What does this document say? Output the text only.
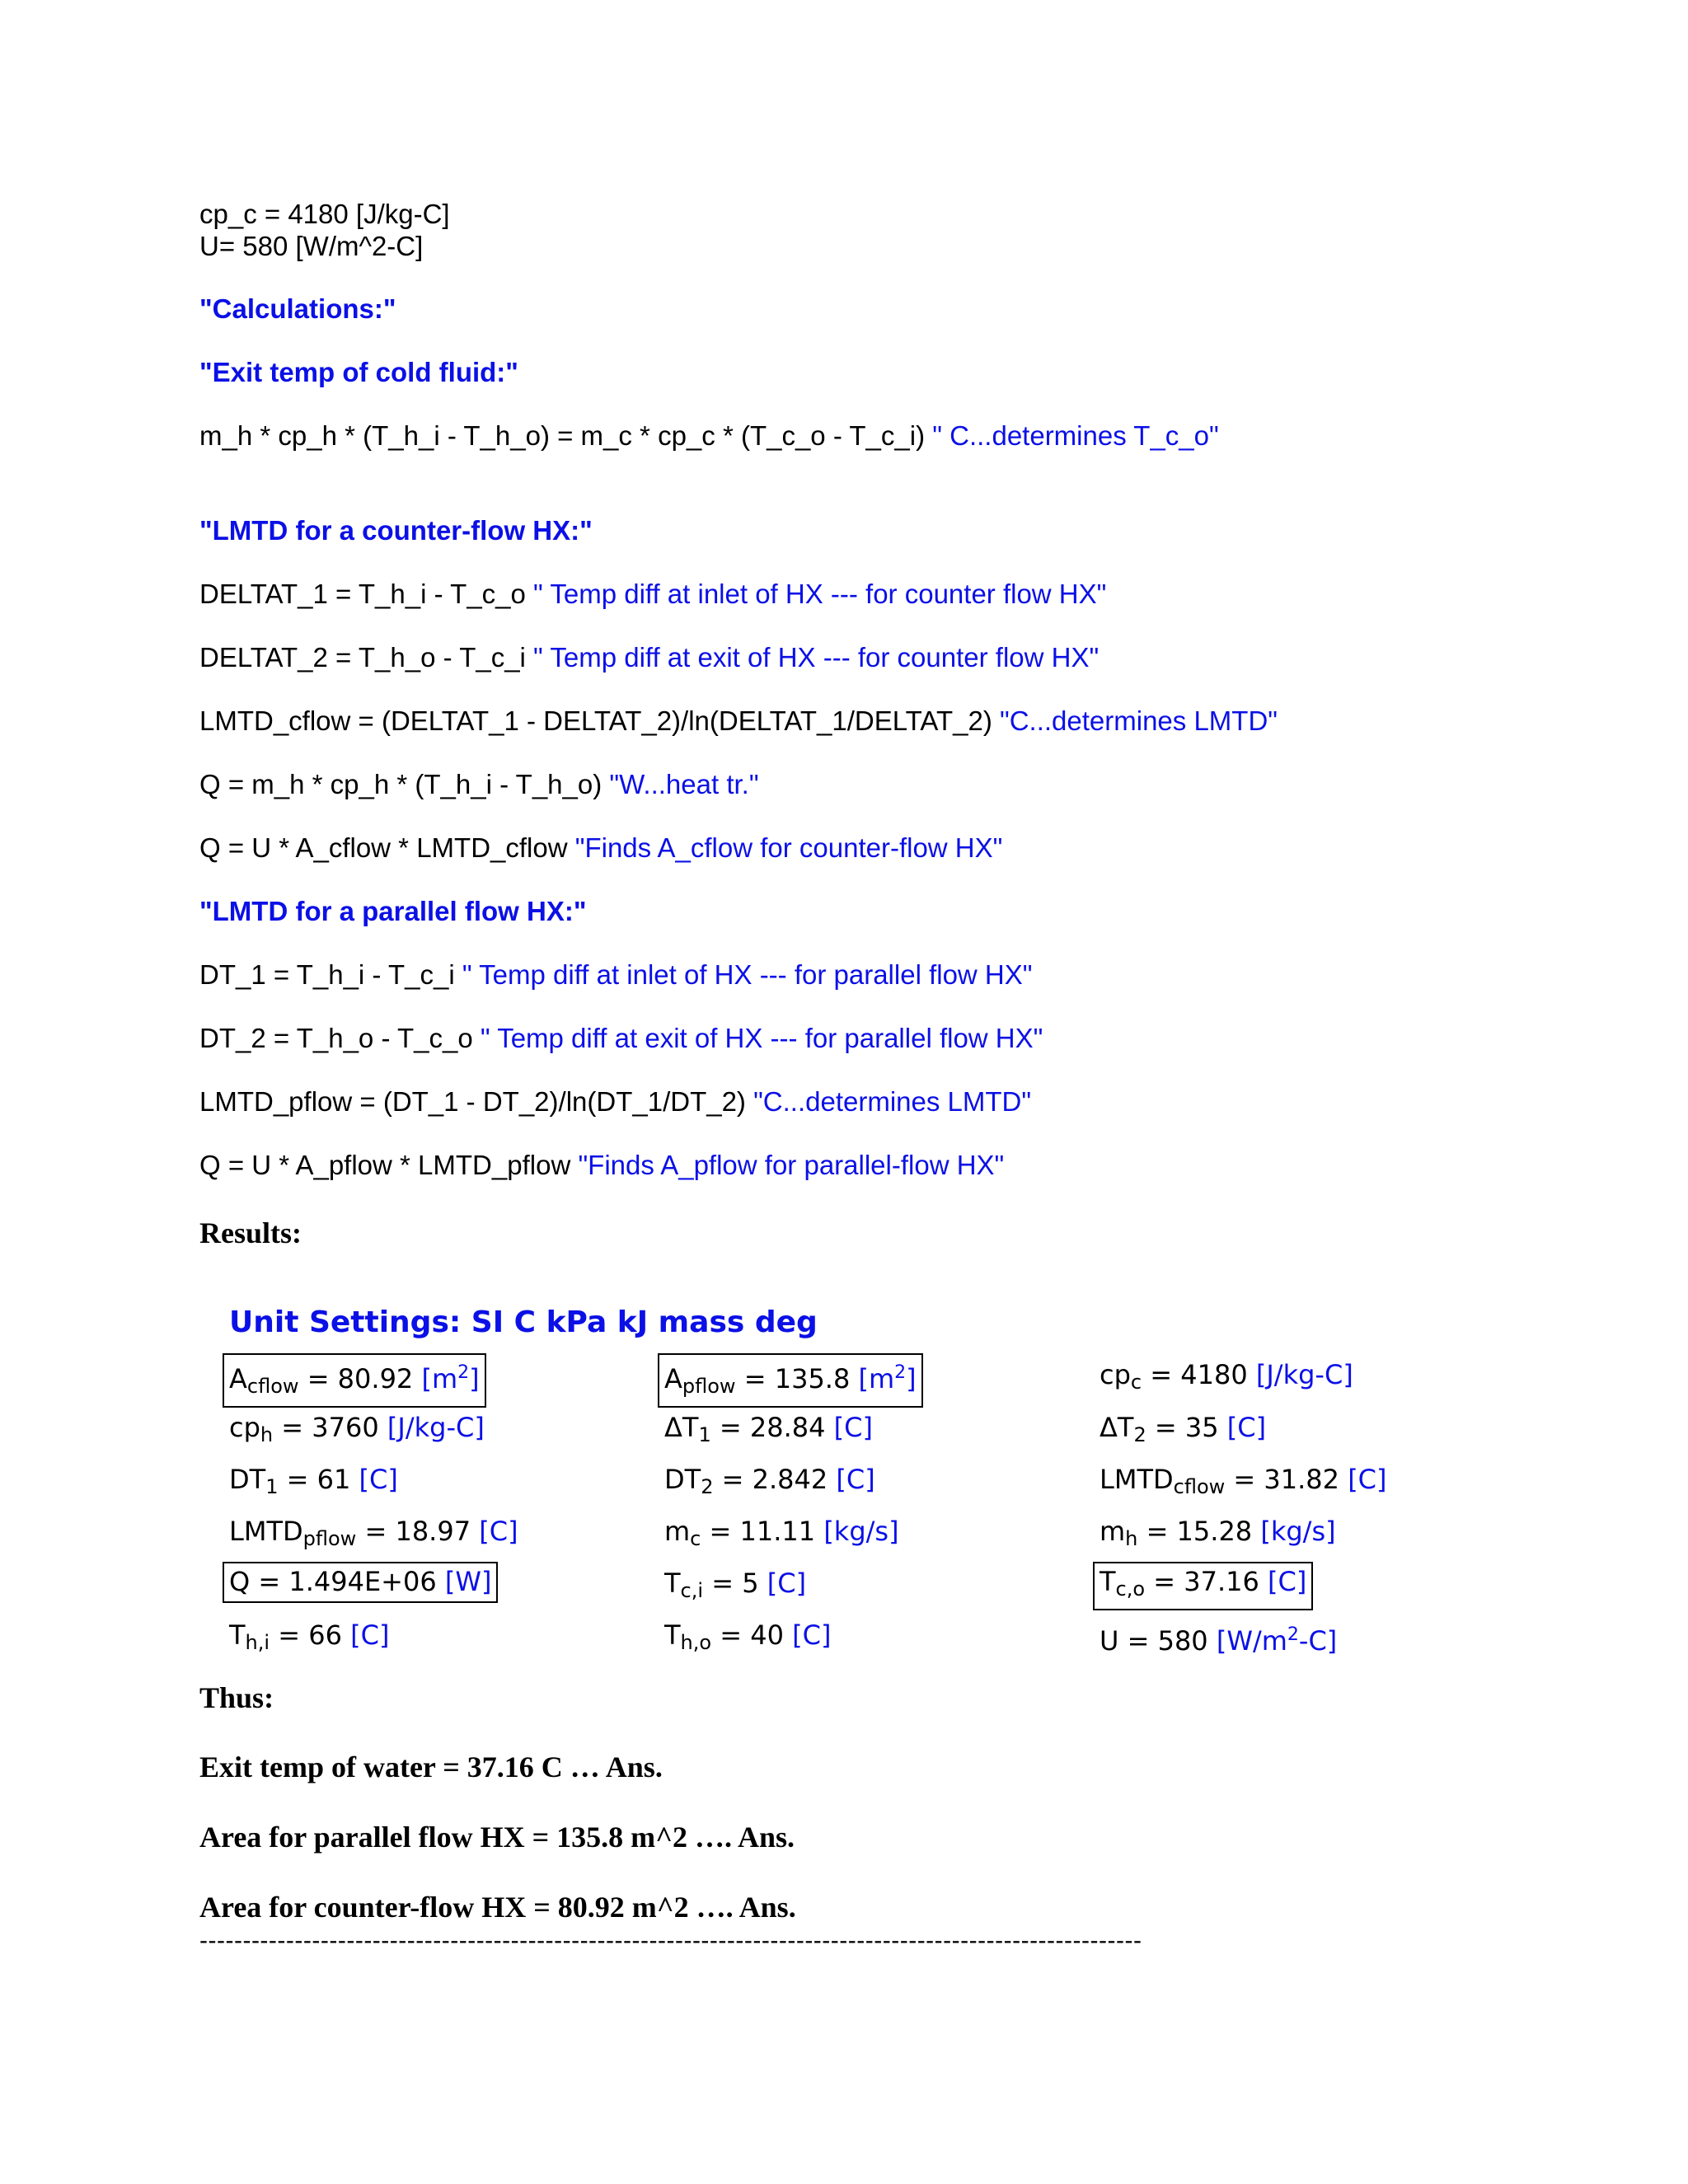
cp_c = 4180 [J/kg-C]
U= 580 [W/m^2-C]
"Calculations:"
"Exit temp of cold fluid:"
m_h * cp_h * (T_h_i - T_h_o) = m_c * cp_c * (T_c_o - T_c_i) " C...determines T_c_o"
"LMTD for a counter-flow HX:"
DELTAT_1 = T_h_i - T_c_o " Temp diff at inlet of HX --- for counter flow HX"
DELTAT_2 = T_h_o - T_c_i " Temp diff at exit of HX --- for counter flow HX"
LMTD_cflow = (DELTAT_1 - DELTAT_2)/ln(DELTAT_1/DELTAT_2) "C...determines LMTD"
Q = m_h * cp_h * (T_h_i - T_h_o) "W...heat tr."
Q = U * A_cflow * LMTD_cflow "Finds A_cflow for counter-flow HX"
"LMTD for a parallel flow HX:"
DT_1 = T_h_i - T_c_i " Temp diff at inlet of HX --- for parallel flow HX"
DT_2 = T_h_o - T_c_o " Temp diff at exit of HX --- for parallel flow HX"
LMTD_pflow = (DT_1 - DT_2)/ln(DT_1/DT_2) "C...determines LMTD"
Q = U * A_pflow * LMTD_pflow "Finds A_pflow for parallel-flow HX"
Results:
Unit Settings: SI C kPa kJ mass deg
$A_{cflow} = 80.92$ $[m^2]$	$A_{pflow} = 135.8$ $[m^2]$	$cp_c = 4180$ [J/kg-C]
$cp_h = 3760$ [J/kg-C]	$\Delta T_1 = 28.84$ [C]	$\Delta T_2 = 35$ [C]
$DT_1 = 61$ [C]	$DT_2 = 2.842$ [C]	$LMTD_{cflow} = 31.82$ [C]
$LMTD_{pflow} = 18.97$ [C]	$m_c = 11.11$ [kg/s]	$m_h = 15.28$ [kg/s]
Q = 1.494E+06 [W]	$T_{c,i} = 5$ [C]	$T_{c,o} = 37.16$ [C]
$T_{h,i} = 66$ [C]	$T_{h,o} = 40$ [C]	U = 580 $[W/m^2-C]$
Thus:
Exit temp of water = 37.16 C … Ans.
Area for parallel flow HX = 135.8 m^2 …. Ans.
Area for counter-flow HX = 80.92 m^2 …. Ans.
-------------------------------------------------------------------------------------------------------------
